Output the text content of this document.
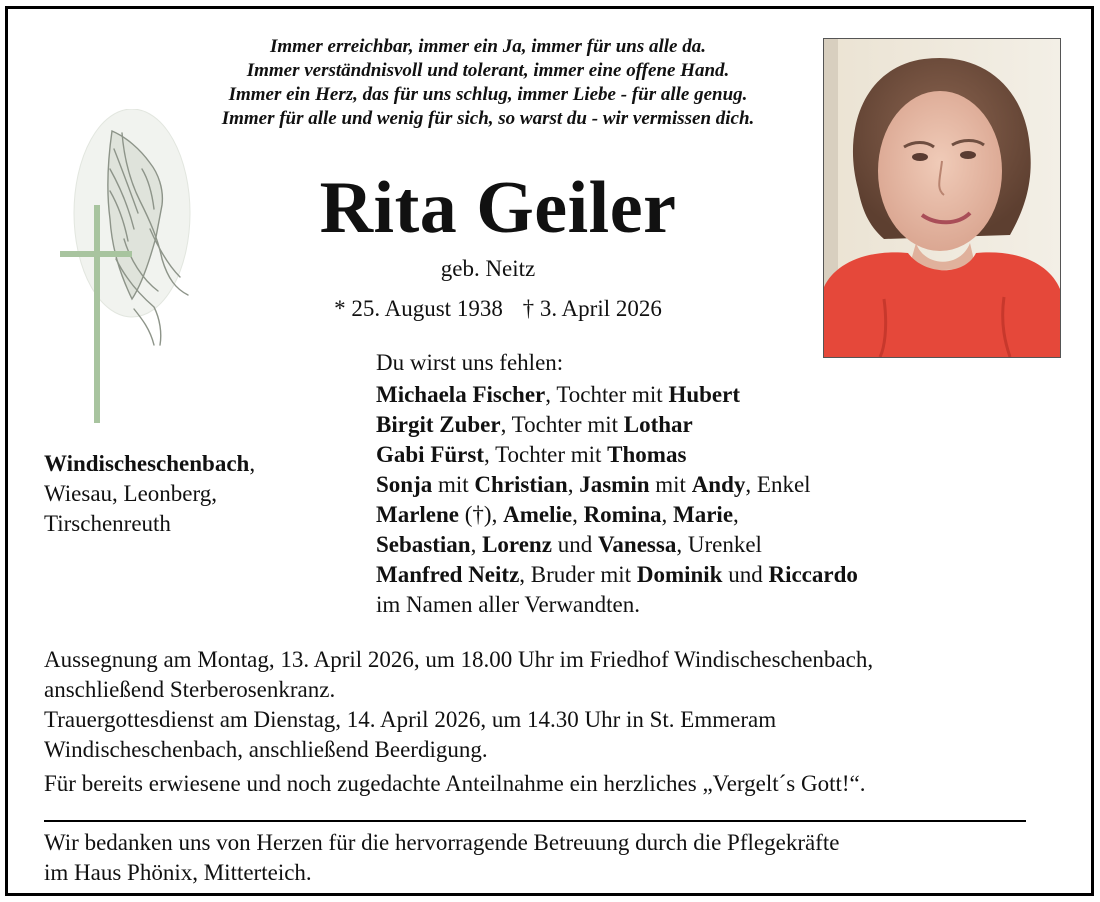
Immer erreichbar, immer ein Ja, immer für uns alle da.
Immer verständnisvoll und tolerant, immer eine offene Hand.
Immer ein Herz, das für uns schlug, immer Liebe - für alle genug.
Immer für alle und wenig für sich, so warst du - wir vermissen dich.
Rita Geiler
geb. Neitz
* 25. August 1938 † 3. April 2026
Windischeschenbach,
Wiesau, Leonberg,
Tirschenreuth
Du wirst uns fehlen:
Michaela Fischer, Tochter mit Hubert
Birgit Zuber, Tochter mit Lothar
Gabi Fürst, Tochter mit Thomas
Sonja mit Christian, Jasmin mit Andy, Enkel
Marlene (†), Amelie, Romina, Marie,
Sebastian, Lorenz und Vanessa, Urenkel
Manfred Neitz, Bruder mit Dominik und Riccardo
im Namen aller Verwandten.
Aussegnung am Montag, 13. April 2026, um 18.00 Uhr im Friedhof Windischeschenbach,
anschließend Sterberosenkranz.
Trauergottesdienst am Dienstag, 14. April 2026, um 14.30 Uhr in St. Emmeram
Windischeschenbach, anschließend Beerdigung.
Für bereits erwiesene und noch zugedachte Anteilnahme ein herzliches „Vergelt´s Gott!“.
Wir bedanken uns von Herzen für die hervorragende Betreuung durch die Pflegekräfte
im Haus Phönix, Mitterteich.
